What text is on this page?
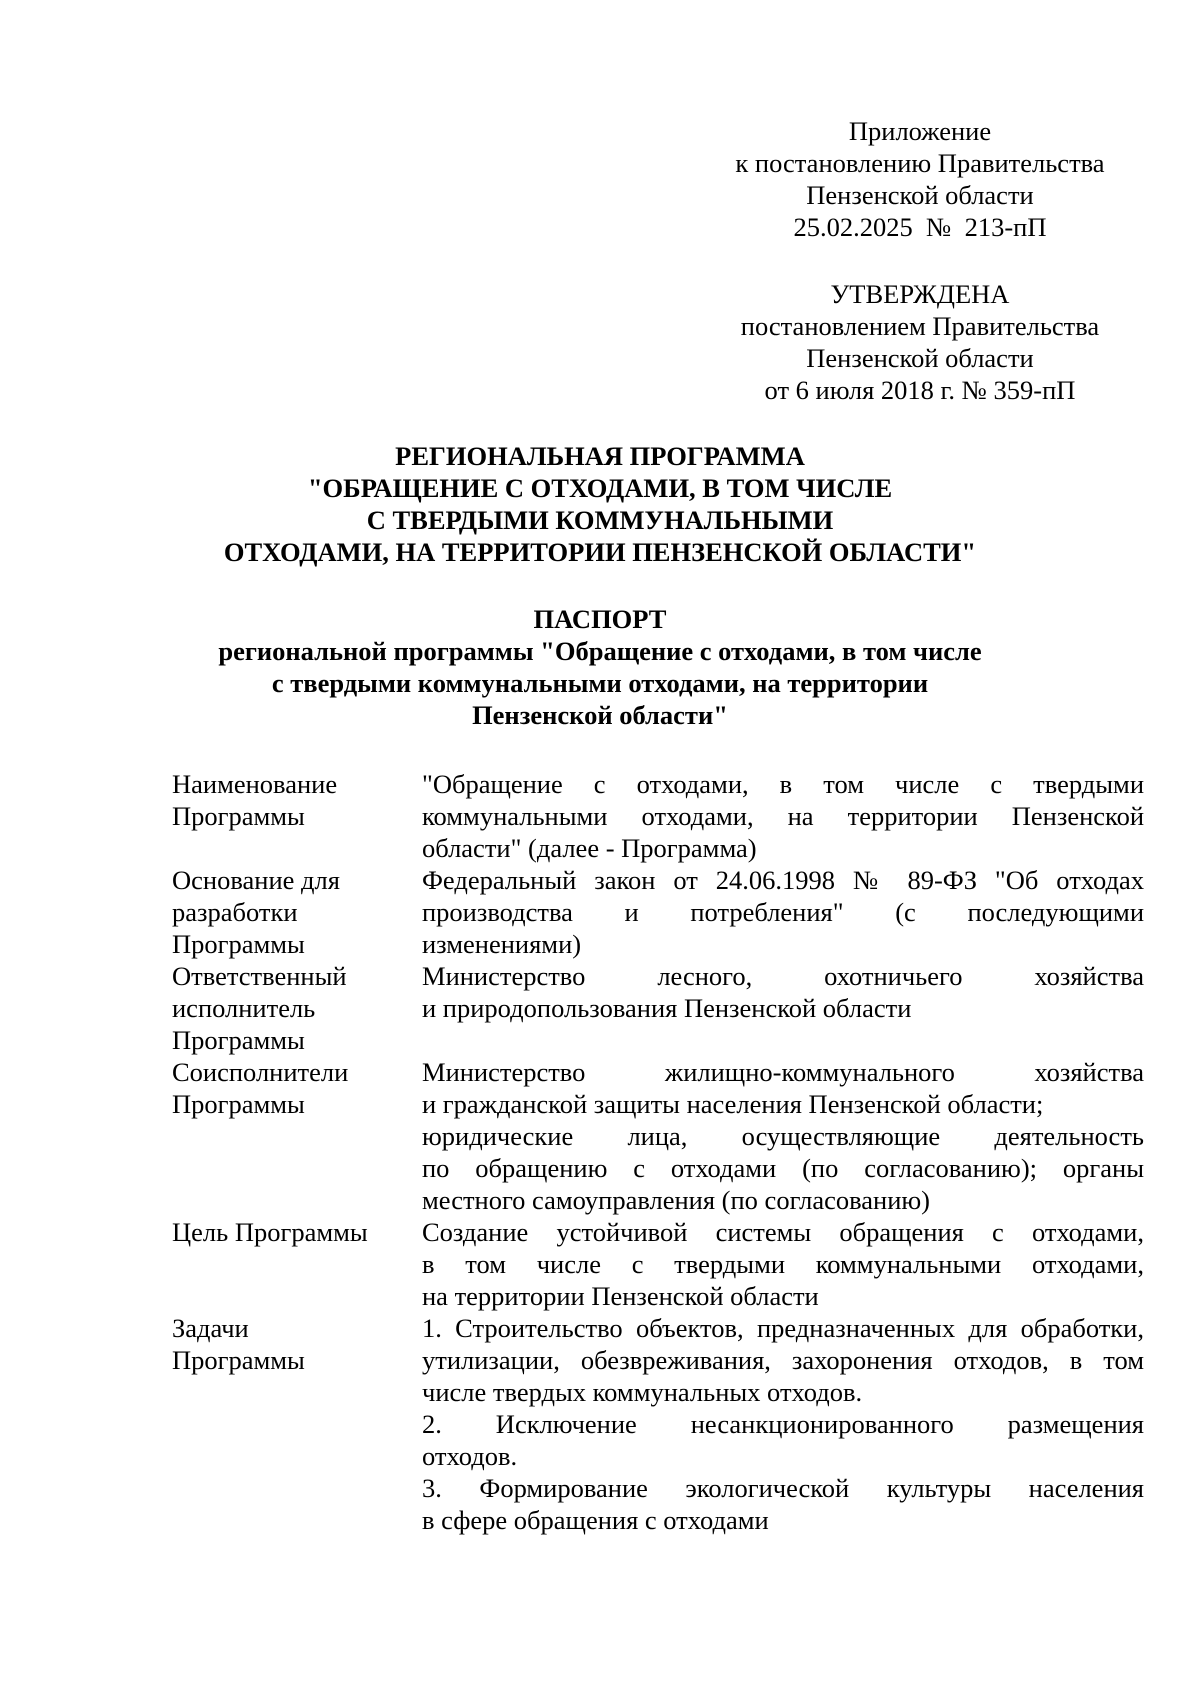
Приложение
к постановлению Правительства
Пензенской области
25.02.2025  №  213-пП
УТВЕРЖДЕНА
постановлением Правительства
Пензенской области
от 6 июля 2018 г. № 359-пП
РЕГИОНАЛЬНАЯ ПРОГРАММА
"ОБРАЩЕНИЕ С ОТХОДАМИ, В ТОМ ЧИСЛЕ
С ТВЕРДЫМИ КОММУНАЛЬНЫМИ
ОТХОДАМИ, НА ТЕРРИТОРИИ ПЕНЗЕНСКОЙ ОБЛАСТИ"
ПАСПОРТ
региональной программы "Обращение с отходами, в том числе
с твердыми коммунальными отходами, на территории
Пензенской области"
Наименование
Программы
"Обращение с отходами, в том числе с твердыми
коммунальными отходами, на территории Пензенской
области" (далее - Программа)
Основание для
разработки
Программы
Федеральный закон от 24.06.1998 № 89-ФЗ "Об отходах
производства и потребления" (с последующими
изменениями)
Ответственный
исполнитель
Программы
Министерство лесного, охотничьего хозяйства
и природопользования Пензенской области
Соисполнители
Программы
Министерство жилищно-коммунального хозяйства
и гражданской защиты населения Пензенской области;
юридические лица, осуществляющие деятельность
по обращению с отходами (по согласованию); органы
местного самоуправления (по согласованию)
Цель Программы	Создание устойчивой системы обращения с отходами,
в том числе с твердыми коммунальными отходами,
на территории Пензенской области
Задачи
Программы
1. Строительство объектов, предназначенных для обработки,
утилизации, обезвреживания, захоронения отходов, в том
числе твердых коммунальных отходов.
2. Исключение несанкционированного размещения
отходов.
3. Формирование экологической культуры населения
в сфере обращения с отходами
